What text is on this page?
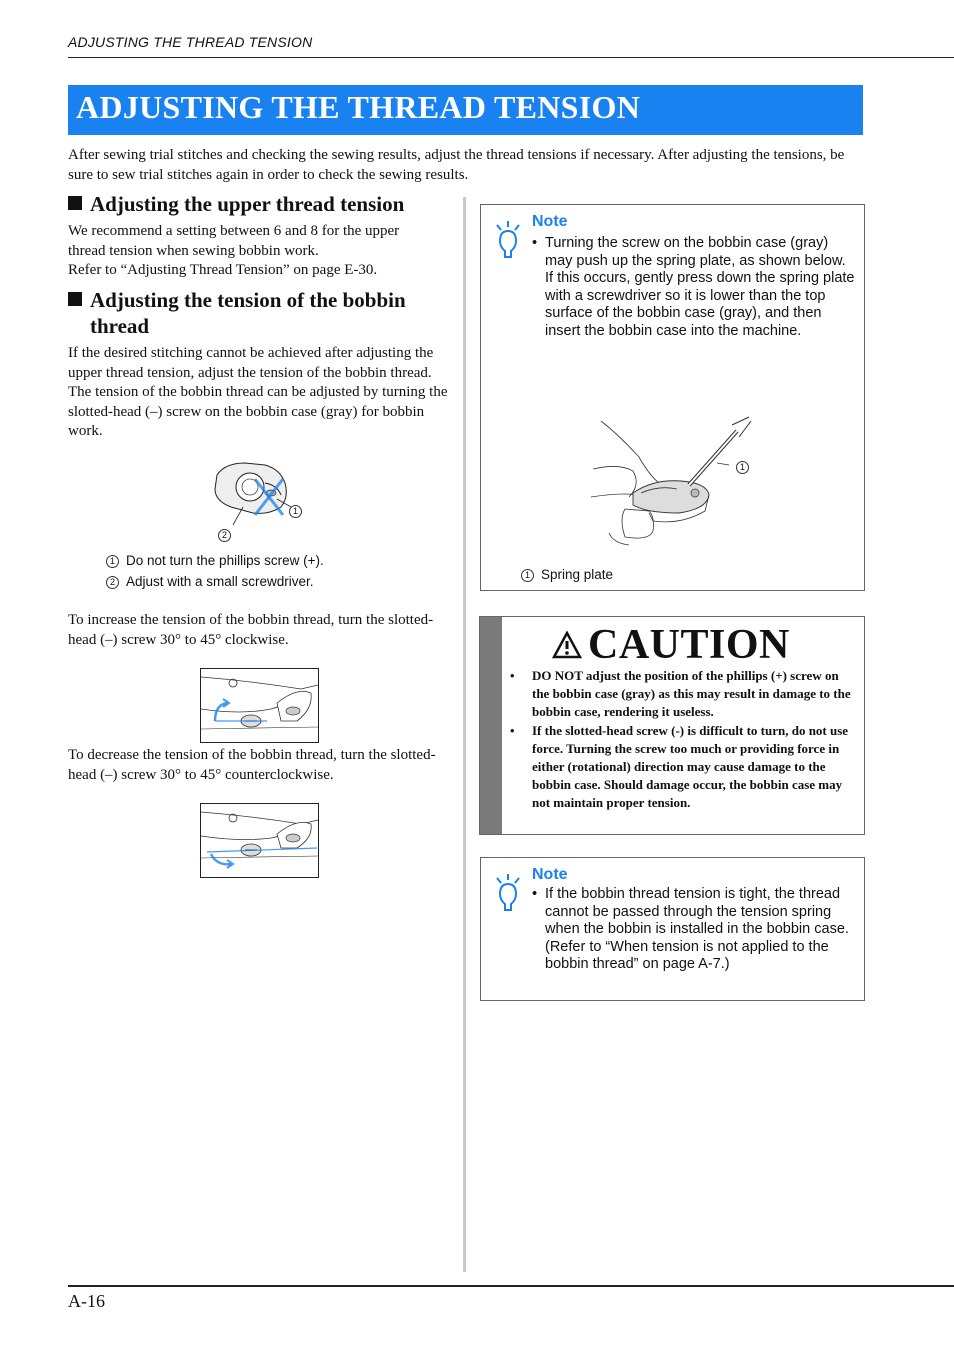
ADJUSTING THE THREAD TENSION
ADJUSTING THE THREAD TENSION
After sewing trial stitches and checking the sewing results, adjust the thread tensions if necessary. After adjusting the tensions, be sure to sew trial stitches again in order to check the sewing results.
Adjusting the upper thread tension
We recommend a setting between 6 and 8 for the upper
thread tension when sewing bobbin work.
Refer to “Adjusting Thread Tension” on page E-30.
Adjusting the tension of the bobbin
thread
If the desired stitching cannot be achieved after adjusting the upper thread tension, adjust the tension of the bobbin thread. The tension of the bobbin thread can be adjusted by turning the slotted-head (–) screw on the bobbin case (gray) for bobbin work.
1
2
1 Do not turn the phillips screw (+).
2 Adjust with a small screwdriver.
To increase the tension of the bobbin thread, turn the slotted-head (–) screw 30° to 45° clockwise.
To decrease the tension of the bobbin thread, turn the slotted-head (–) screw 30° to 45° counterclockwise.
Note
• Turning the screw on the bobbin case (gray) may push up the spring plate, as shown below.
If this occurs, gently press down the spring plate with a screwdriver so it is lower than the top surface of the bobbin case (gray), and then insert the bobbin case into the machine.
1
1 Spring plate
CAUTION
• DO NOT adjust the position of the phillips (+) screw on the bobbin case (gray) as this may result in damage to the bobbin case, rendering it useless.
• If the slotted-head screw (-) is difficult to turn, do not use force. Turning the screw too much or providing force in either (rotational) direction may cause damage to the bobbin case. Should damage occur, the bobbin case may not maintain proper tension.
Note
• If the bobbin thread tension is tight, the thread cannot be passed through the tension spring when the bobbin is installed in the bobbin case. (Refer to “When tension is not applied to the bobbin thread” on page A-7.)
A-16
